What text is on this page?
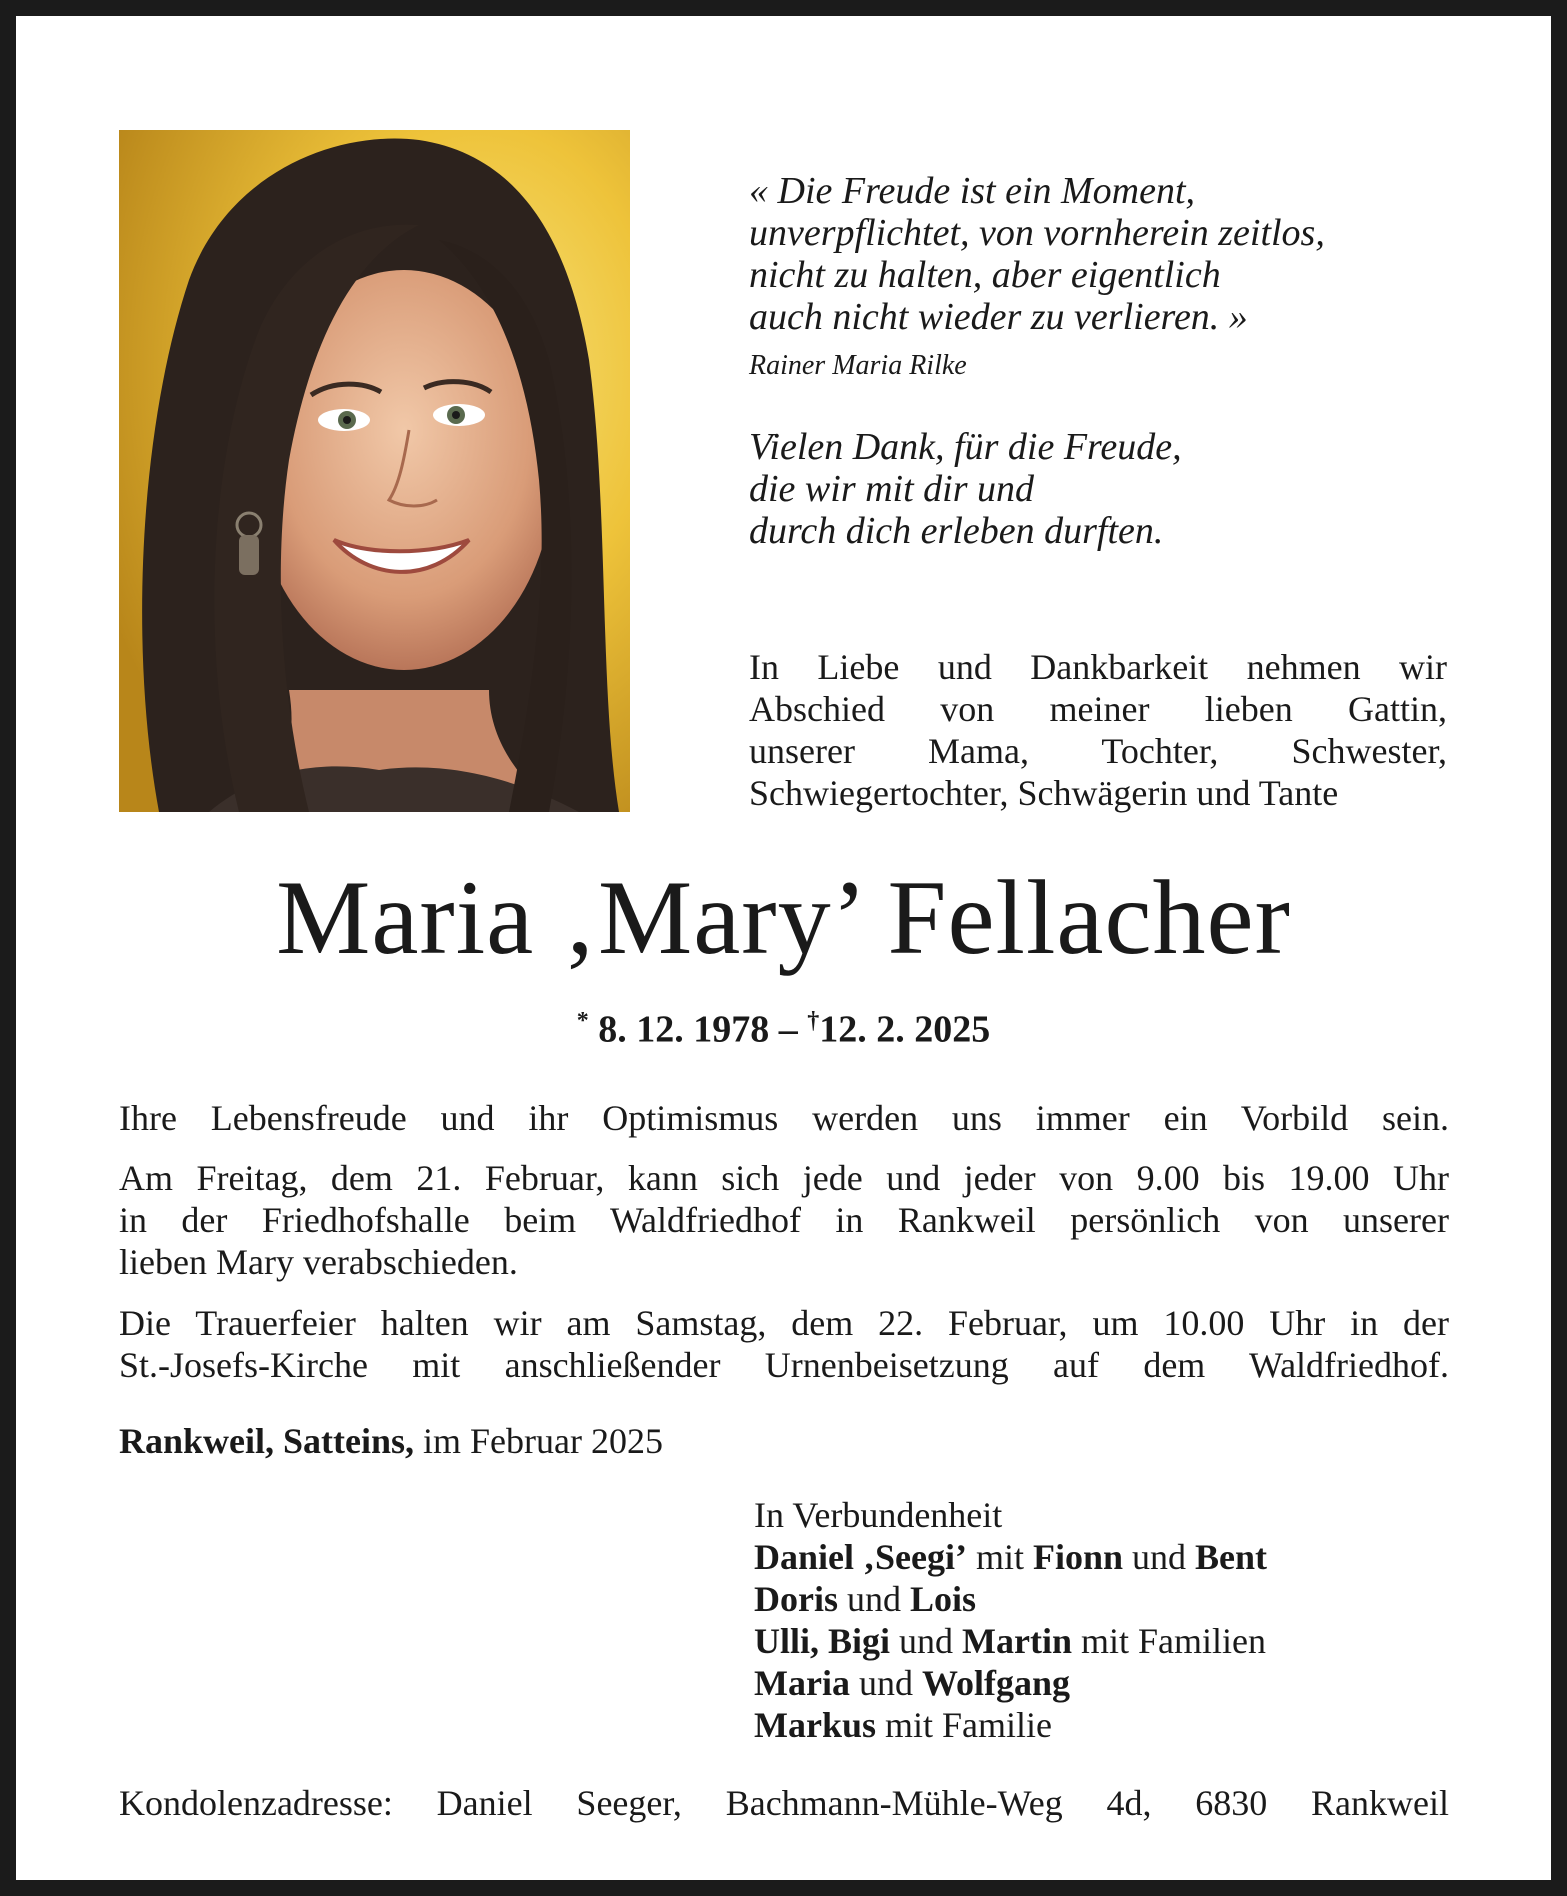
« Die Freude ist ein Moment,
unverpflichtet, von vornherein zeitlos,
nicht zu halten, aber eigentlich
auch nicht wieder zu verlieren. »
Rainer Maria Rilke
Vielen Dank, für die Freude,
die wir mit dir und
durch dich erleben durften.
In Liebe und Dankbarkeit nehmen wir
Abschied von meiner lieben Gattin,
unserer Mama, Tochter, Schwester,
Schwiegertochter, Schwägerin und Tante
Maria ‚Mary’ Fellacher
* 8. 12. 1978 – †12. 2. 2025
Ihre Lebensfreude und ihr Optimismus werden uns immer ein Vorbild sein.
Am Freitag, dem 21. Februar, kann sich jede und jeder von 9.00 bis 19.00 Uhr
in der Friedhofshalle beim Waldfriedhof in Rankweil persönlich von unserer
lieben Mary verabschieden.
Die Trauerfeier halten wir am Samstag, dem 22. Februar, um 10.00 Uhr in der
St.-Josefs-Kirche mit anschließender Urnenbeisetzung auf dem Waldfriedhof.
Rankweil, Satteins, im Februar 2025
In Verbundenheit
Daniel ‚Seegi’ mit Fionn und Bent
Doris und Lois
Ulli, Bigi und Martin mit Familien
Maria und Wolfgang
Markus mit Familie
Kondolenzadresse: Daniel Seeger, Bachmann-Mühle-Weg 4d, 6830 Rankweil
